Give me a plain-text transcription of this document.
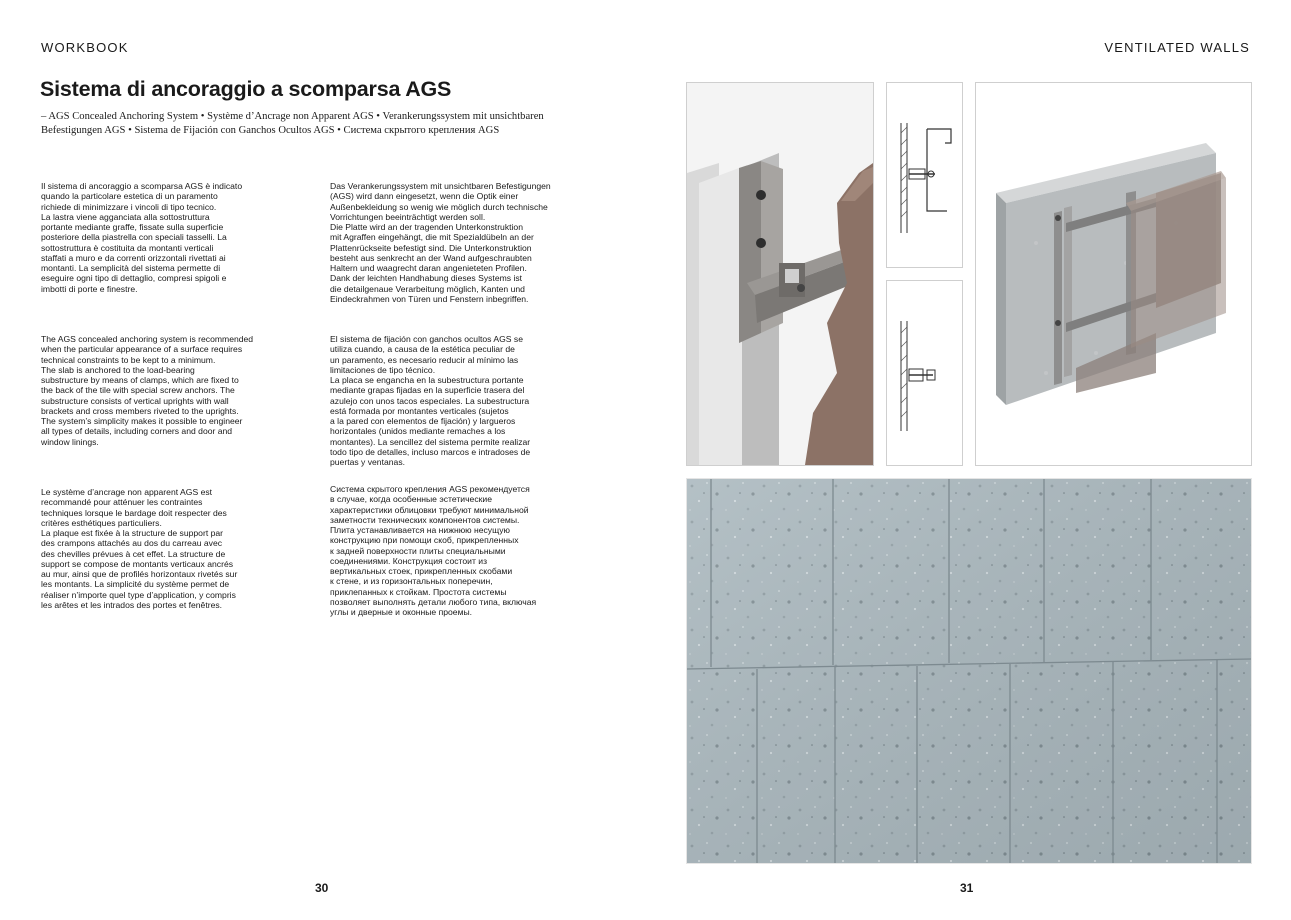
WORKBOOK	VENTILATED WALLS
Sistema di ancoraggio a scomparsa AGS
– AGS Concealed Anchoring System • Système d’Ancrage non Apparent AGS • Verankerungssystem mit unsichtbaren Befestigungen AGS • Sistema de Fijación con Ganchos Ocultos AGS • Система скрытого крепления AGS
Il sistema di ancoraggio a scomparsa AGS è indicato
quando la particolare estetica di un paramento
richiede di minimizzare i vincoli di tipo tecnico.
La lastra viene agganciata alla sottostruttura
portante mediante graffe, fissate sulla superficie
posteriore della piastrella con speciali tasselli. La
sottostruttura è costituita da montanti verticali
staffati a muro e da correnti orizzontali rivettati ai
montanti. La semplicità del sistema permette di
eseguire ogni tipo di dettaglio, compresi spigoli e
imbotti di porte e finestre.
The AGS concealed anchoring system is recommended
when the particular appearance of a surface requires
technical constraints to be kept to a minimum.
The slab is anchored to the load-bearing
substructure by means of clamps, which are fixed to
the back of the tile with special screw anchors. The
substructure consists of vertical uprights with wall
brackets and cross members riveted to the uprights.
The system’s simplicity makes it possible to engineer
all types of details, including corners and door and
window linings.
Le système d’ancrage non apparent AGS est
recommandé pour atténuer les contraintes
techniques lorsque le bardage doit respecter des
critères esthétiques particuliers.
La plaque est fixée à la structure de support par
des crampons attachés au dos du carreau avec
des chevilles prévues à cet effet. La structure de
support se compose de montants verticaux ancrés
au mur, ainsi que de profilés horizontaux rivetés sur
les montants. La simplicité du système permet de
réaliser n’importe quel type d’application, y compris
les arêtes et les intrados des portes et fenêtres.
Das Verankerungssystem mit unsichtbaren Befestigungen
(AGS) wird dann eingesetzt, wenn die Optik einer
Außenbekleidung so wenig wie möglich durch technische
Vorrichtungen beeinträchtigt werden soll.
Die Platte wird an der tragenden Unterkonstruktion
mit Agraffen eingehängt, die mit Spezialdübeln an der
Plattenrückseite befestigt sind. Die Unterkonstruktion
besteht aus senkrecht an der Wand aufgeschraubten
Haltern und waagrecht daran angenieteten Profilen.
Dank der leichten Handhabung dieses Systems ist
die detailgenaue Verarbeitung möglich, Kanten und
Eindeckrahmen von Türen und Fenstern inbegriffen.
El sistema de fijación con ganchos ocultos AGS se
utiliza cuando, a causa de la estética peculiar de
un paramento, es necesario reducir al mínimo las
limitaciones de tipo técnico.
La placa se engancha en la subestructura portante
mediante grapas fijadas en la superficie trasera del
azulejo con unos tacos especiales. La subestructura
está formada por montantes verticales (sujetos
a la pared con elementos de fijación) y largueros
horizontales (unidos mediante remaches a los
montantes). La sencillez del sistema permite realizar
todo tipo de detalles, incluso marcos e intradoses de
puertas y ventanas.
Система скрытого крепления AGS рекомендуется
в случае, когда особенные эстетические
характеристики облицовки требуют минимальной
заметности технических компонентов системы.
Плита устанавливается на нижнюю несущую
конструкцию при помощи скоб, прикрепленных
к задней поверхности плиты специальными
соединениями. Конструкция состоит из
вертикальных стоек, прикрепленных скобами
к стене, и из горизонтальных поперечин,
приклепанных к стойкам. Простота системы
позволяет выполнять детали любого типа, включая
углы и дверные и оконные проемы.
30	31
